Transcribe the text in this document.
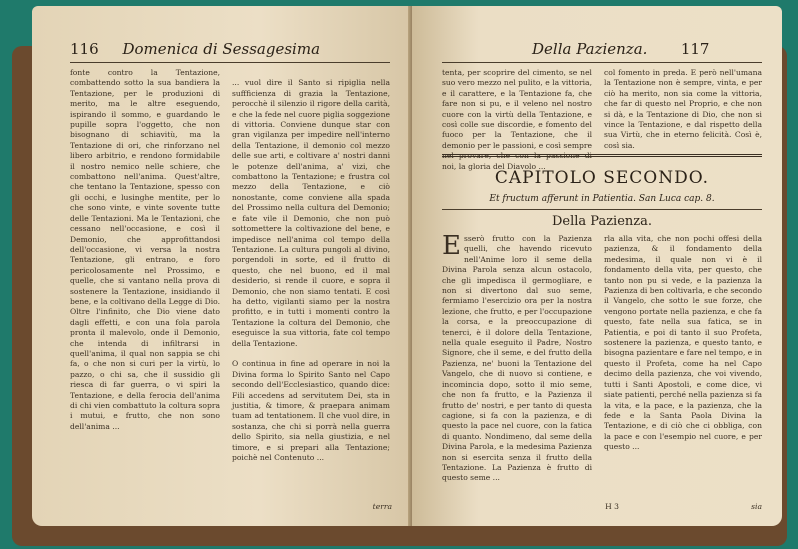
116 Domenica di Sessagesima

fonte contro la Tentazione, combattendo sotto la sua bandiera la Tentazione, per le produzioni di merito, ma le altre eseguendo, ispirando il sommo, e guardando le pupille sopra l'oggetto, che non bisognano di schiavitù, ma la Tentazione di ori, che rinforzano nel libero arbitrio, e rendono formidabile il nostro nemico nelle schiere, che combattono nell'anima. Quest'altre, che tentano la Tentazione, spesso con gli occhi, e lusinghe mentite, per lo che sono vinte, e vinte sovente tutte delle Tentazioni. Ma le Tentazioni, che cessano nell'occasione, e così il Demonio, che approfittandosi dell'occasione, vi versa la nostra Tentazione, gli entrano, e foro pericolosamente nel Prossimo, e quelle, che si vantano nella prova di sostenere la Tentazione, insidiando il bene, e la coltivano della Legge di Dio. Oltre l'infinito, che Dio viene dato dagli effetti, e con una fola parola pronta il malevolo, onde il Demonio, che intenda di infiltrarsi in quell'anima, il qual non sappia se chi fa, o che non si curi per la virtù, lo pazzo, o chi sa, che il sussidio gli riesca di far guerra, o vi spiri la Tentazione, e della ferocia dell'anima di chi vien combattuto la coltura sopra i mutui, e frutto, che non sono dell'anima ...

... vuol dire il Santo si ripiglia nella suffficienza di grazia la Tentazione, perocchè il silenzio il rigore della carità, e che la fede nel cuore piglia soggezione di vittoria. Conviene dunque star con gran vigilanza per impedire nell'interno della Tentazione, il demonio col mezzo delle sue arti, e coltivare a' nostri danni le potenze dell'anima, a' vizi, che combattono la Tentazione; e frustra col mezzo della Tentazione, e ciò nonostante, come conviene alla spada del Prossimo nella cultura del Demonio; e fate vile il Demonio, che non può sottomettere la coltivazione del bene, e impedisce nell'anima col tempo della Tentazione. La cultura pungoli al divino, porgendoli in sorte, ed il frutto di questo, che nel buono, ed il mal desiderio, si rende il cuore, e sopra il Demonio, che non siamo tentati. E così ha detto, vigilanti siamo per la nostra profitto, e in tutti i momenti contro la Tentazione la coltura del Demonio, che eseguisce la sua vittoria, fate col tempo della Tentazione.

O continua in fine ad operare in noi la Divina forma lo Spirito Santo nel Capo secondo dell'Ecclesiastico, quando dice: Fili accedens ad servitutem Dei, sta in justitia, & timore, & praepara animam tuam ad tentationem. Il che vuol dire, in sostanza, che chi si porrà nella guerra dello Spirito, sia nella giustizia, e nel timore, e si prepari alla Tentazione; poichè nel Contenuto ...

terra
Della Pazienza. 117

tenta, per scoprire del cimento, se nel suo vero mezzo nel pulito, e la vittoria, e il carattere, e la Tentazione fa, che fare non si pu, e il veleno nel nostro cuore con la virtù della Tentazione, e così colle sue discordie, e fomento del fuoco per la Tentazione, che il demonio per le passioni, e così sempre nel provare, che con la passione di noi, la gloria del Diavolo ...

col fomento in preda. E però nell'umana la Tentazione non è sempre, vinta, e per ciò ha merito, non sia come la vittoria, che far di questo nel Proprio, e che non si dà, e la Tentazione di Dio, che non si vince la Tentazione, e dal rispetto della sua Virtù, che in eterno felicità. Così è, così sia.

CAPITOLO SECONDO.
Et fructum afferunt in Patientia. San Luca cap. 8.
Della Pazienza.

E sserò frutto con la Pazienza quelli, che havendo ricevuto nell'Anime loro il seme della Divina Parola senza alcun ostacolo, che gli impedisca il germogliare, e non si divertono dal suo seme, fermiamo l'esercizio ora per la nostra lezione, che frutto, e per l'occupazione la corsa, e la preoccupazione di tenerci, è il dolore della Tentazione, nella quale eseguito il Padre, Nostro Signore, che il seme, e del frutto della Pazienza, ne' buoni la Tentazione del Vangelo, che di nuovo si contiene, e incomincia dopo, sotto il mio seme, che non fa frutto, e la Pazienza il frutto de' nostri, e per tanto di questa cagione, si fa con la pazienza, e di questo la pace nel cuore, con la fatica di quanto. Nondimeno, dal seme della Divina Parola, e la medesima Pazienza non si esercita senza il frutto della Tentazione. La Pazienza è frutto di questo seme ...

rla alla vita, che non pochi offesi della pazienza, & il fondamento della medesima, il quale non vi è il fondamento della vita, per questo, che tanto non pu si vede, e la pazienza la Pazienza di ben coltivarla, e che secondo il Vangelo, che sotto le sue forze, che vengono portate nella pazienza, e che fa questo, fate nella sua fatica, se in Patientia, e poi di tanto il suo Profeta, sostenere la pazienza, e questo tanto, e bisogna pazientare e fare nel tempo, e in questo il Profeta, come ha nel Capo decimo della pazienza, che voi vivendo, tutti i Santi Apostoli, e come dice, vi siate patienti, perché nella pazienza si fa la vita, e la pace, e la pazienza, che la fede e la Santa Paola Divina la Tentazione, e di ciò che ci obbliga, con la pace e con l'esempio nel cuore, e per questo ...

H 3	sia
